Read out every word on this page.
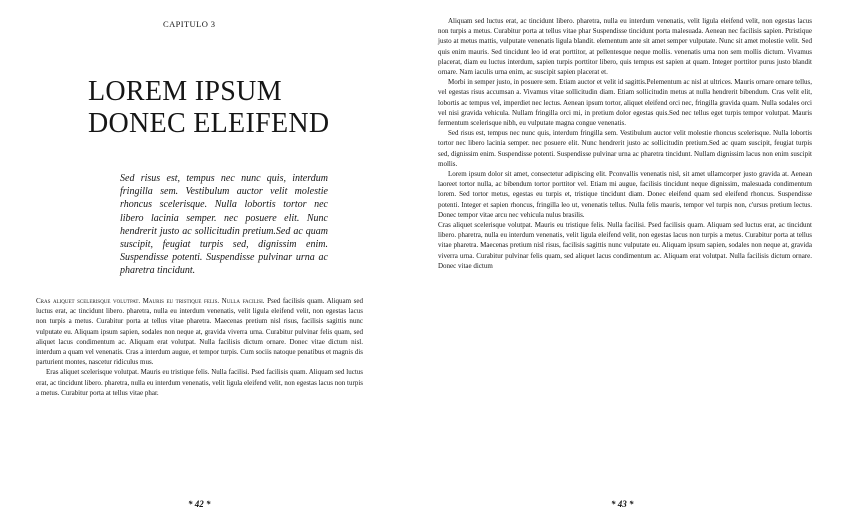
CAPITULO 3
LOREM IPSUM
DONEC ELEIFEND
Sed risus est, tempus nec nunc quis, interdum fringilla sem. Vestibulum auctor velit molestie rhoncus scelerisque. Nulla lobortis tortor nec libero lacinia semper. nec posuere elit. Nunc hendrerit justo ac sollicitudin pretium.Sed ac quam suscipit, feugiat turpis sed, dignissim enim. Suspendisse potenti. Suspendisse pulvinar urna ac pharetra tincidunt.

Cras aliquet scelerisque volutpat. Mauris eu tristique felis. Nulla facilisi. Psed facilisis quam. Aliquam sed luctus erat, ac tincidunt libero. pharetra, nulla eu interdum venenatis, velit ligula eleifend velit, non egestas lacus non turpis a metus. Curabitur porta at tellus vitae pharetra. Maecenas pretium nisl risus, facilisis sagittis nunc vulputate eu. Aliquam ipsum sapien, sodales non neque at, gravida viverra urna. Curabitur pulvinar felis quam, sed aliquet lacus condimentum ac. Aliquam erat volutpat. Nulla facilisis dictum ornare. Donec vitae dictum nisl. interdum a quam vel venenatis. Cras a interdum augue, et tempor turpis. Cum sociis natoque penatibus et magnis dis parturient montes, nascetur ridiculus mus.

Eras aliquet scelerisque volutpat. Mauris eu tristique felis. Nulla facilisi. Psed facilisis quam. Aliquam sed luctus erat, ac tincidunt libero. pharetra, nulla eu interdum venenatis, velit ligula eleifend velit, non egestas lacus non turpis a metus. Curabitur porta at tellus vitae phar.

* 42 *

Aliquam sed luctus erat, ac tincidunt libero. pharetra, nulla eu interdum venenatis, velit ligula eleifend velit, non egestas lacus non turpis a metus. Curabitur porta at tellus vitae phar Suspendisse tincidunt porta malesuada. Aenean nec facilisis sapien. Ptristique justo at metus mattis, vulputate venenatis ligula blandit. elementum ante sit amet semper vulputate. Nunc sit amet molestie velit. Sed quis enim mauris. Sed tincidunt leo id erat porttitor, at pellentesque neque mollis. venenatis urna non sem mollis dictum. Vivamus placerat, diam eu luctus interdum, sapien turpis porttitor libero, quis tempus est sapien at quam. Integer porttitor purus justo blandit ornare. Nam iaculis urna enim, ac suscipit sapien placerat et.

Morbi in semper justo, in posuere sem. Etiam auctor et velit id sagittis.Pelementum ac nisl at ultrices. Mauris ornare ornare tellus, vel egestas risus accumsan a. Vivamus vitae sollicitudin diam. Etiam sollicitudin metus at nulla hendrerit bibendum. Cras velit elit, lobortis ac tempus vel, imperdiet nec lectus. Aenean ipsum tortor, aliquet eleifend orci nec, fringilla gravida quam. Nulla sodales orci vel nisi gravida vehicula. Nullam fringilla orci mi, in pretium dolor egestas quis.Sed nec tellus eget turpis tempor volutpat. Mauris fermentum scelerisque nibh, eu vulputate magna congue venenatis.

Sed risus est, tempus nec nunc quis, interdum fringilla sem. Vestibulum auctor velit molestie rhoncus scelerisque. Nulla lobortis tortor nec libero lacinia semper. nec posuere elit. Nunc hendrerit justo ac sollicitudin pretium.Sed ac quam suscipit, feugiat turpis sed, dignissim enim. Suspendisse potenti. Suspendisse pulvinar urna ac pharetra tincidunt. Nullam dignissim lacus non enim suscipit mollis.

Lorem ipsum dolor sit amet, consectetur adipiscing elit. Pconvallis venenatis nisl, sit amet ullamcorper justo gravida at. Aenean laoreet tortor nulla, ac bibendum tortor porttitor vel. Etiam mi augue, facilisis tincidunt neque dignissim, malesuada condimentum lorem. Sed tortor metus, egestas eu turpis et, tristique tincidunt diam. Donec eleifend quam sed eleifend rhoncus. Suspendisse potenti. Integer et sapien rhoncus, fringilla leo ut, venenatis tellus. Nulla felis mauris, tempor vel turpis non, c'ursus pretium lectus. Donec tempor vitae arcu nec vehicula nulus brasilis.

Cras aliquet scelerisque volutpat. Mauris eu tristique felis. Nulla facilisi. Psed facilisis quam. Aliquam sed luctus erat, ac tincidunt libero. pharetra, nulla eu interdum venenatis, velit ligula eleifend velit, non egestas lacus non turpis a metus. Curabitur porta at tellus vitae pharetra. Maecenas pretium nisl risus, facilisis sagittis nunc vulputate eu. Aliquam ipsum sapien, sodales non neque at, gravida viverra urna. Curabitur pulvinar felis quam, sed aliquet lacus condimentum ac. Aliquam erat volutpat. Nulla facilisis dictum ornare. Donec vitae dictum

* 43 *
